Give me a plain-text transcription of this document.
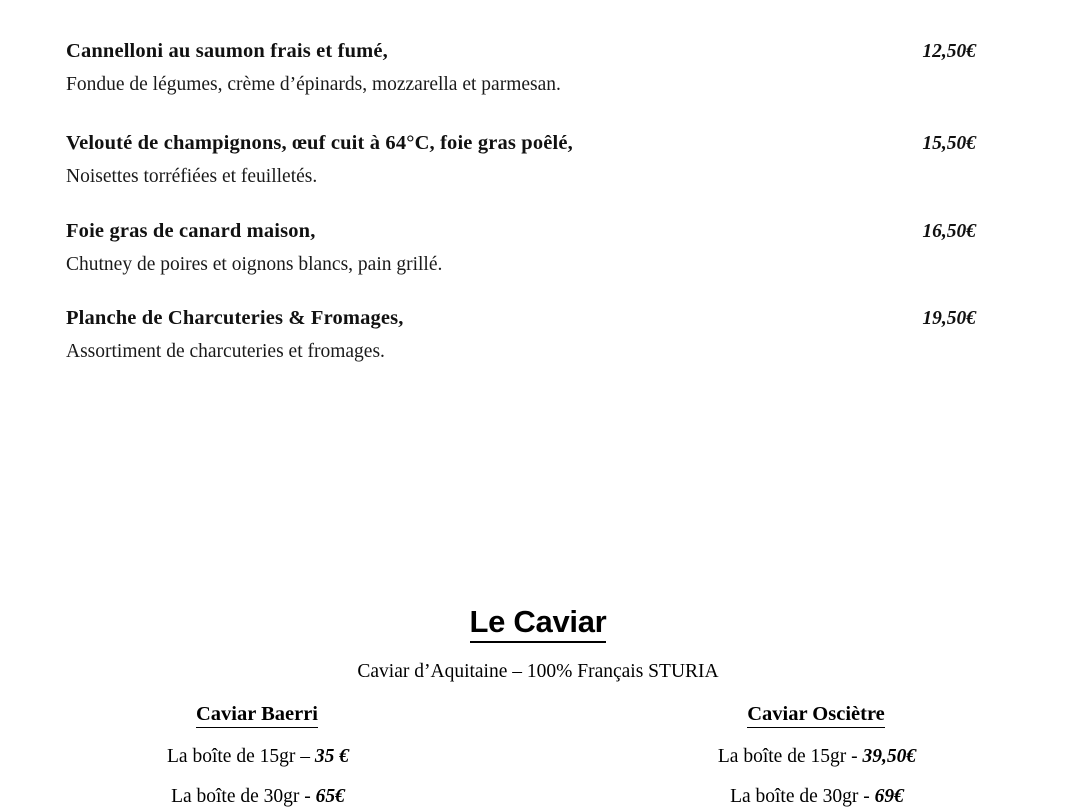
Cannelloni au saumon frais et fumé,	12,50€
Fondue de légumes, crème d’épinards, mozzarella et parmesan.
Velouté de champignons, œuf cuit à 64°C, foie gras poêlé,	15,50€
Noisettes torréfiées et feuilletés.
Foie gras de canard maison,	16,50€
Chutney de poires et oignons blancs, pain grillé.
Planche de Charcuteries & Fromages,	19,50€
Assortiment de charcuteries et fromages.
Le Caviar
Caviar d’Aquitaine – 100% Français STURIA
Caviar Baerri
La boîte de 15gr – 35 €
La boîte de 30gr - 65€
Caviar Osciètre
La boîte de 15gr - 39,50€
La boîte de 30gr - 69€
